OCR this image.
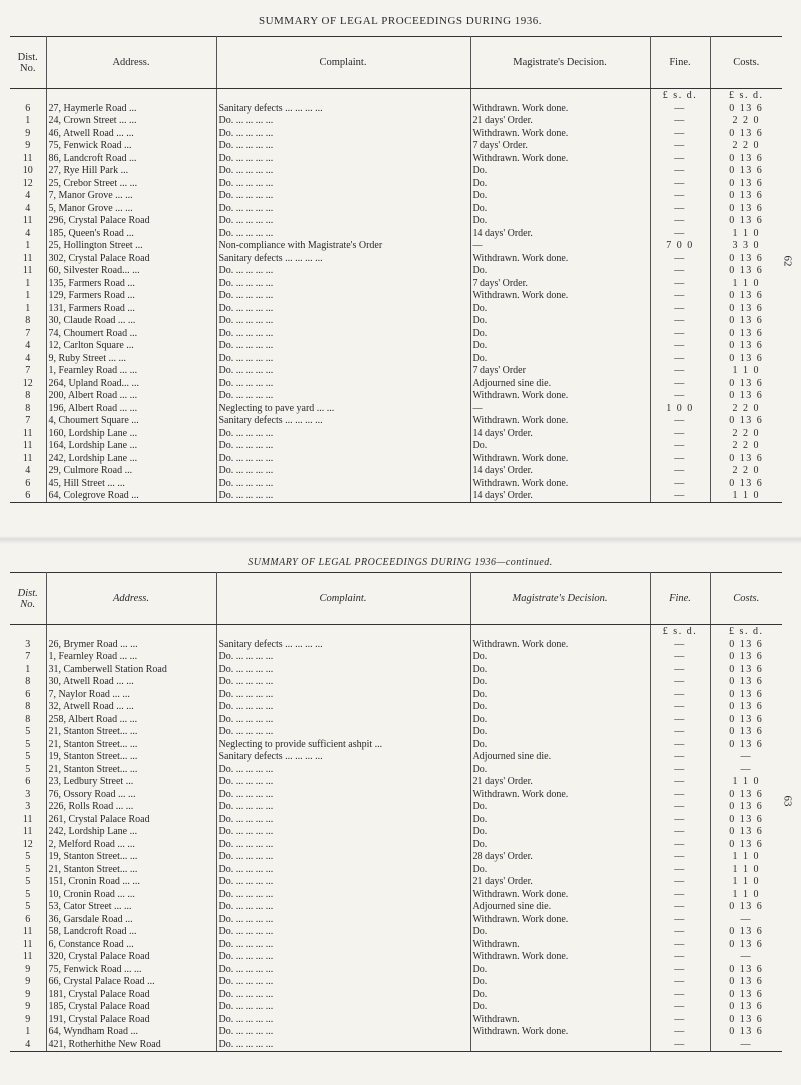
SUMMARY OF LEGAL PROCEEDINGS DURING 1936.
62
Dist. No.	Address.	Complaint.	Magistrate's Decision.	Fine.	Costs.
				£ s. d.	£ s. d.
6	27, Haymerle Road ...	Sanitary defects ... ... ... ...	Withdrawn. Work done.	—	0 13 6
1	24, Crown Street ... ...	Do. ... ... ... ...	21 days' Order.	—	2 2 0
9	46, Atwell Road ... ...	Do. ... ... ... ...	Withdrawn. Work done.	—	0 13 6
9	75, Fenwick Road ...	Do. ... ... ... ...	7 days' Order.	—	2 2 0
11	86, Landcroft Road ...	Do. ... ... ... ...	Withdrawn. Work done.	—	0 13 6
10	27, Rye Hill Park ...	Do. ... ... ... ...	Do.	—	0 13 6
12	25, Crebor Street ... ...	Do. ... ... ... ...	Do.	—	0 13 6
4	7, Manor Grove ... ...	Do. ... ... ... ...	Do.	—	0 13 6
4	5, Manor Grove ... ...	Do. ... ... ... ...	Do.	—	0 13 6
11	296, Crystal Palace Road	Do. ... ... ... ...	Do.	—	0 13 6
4	185, Queen's Road ...	Do. ... ... ... ...	14 days' Order.	—	1 1 0
1	25, Hollington Street ...	Non-compliance with Magistrate's Order	—	7 0 0	3 3 0
11	302, Crystal Palace Road	Sanitary defects ... ... ... ...	Withdrawn. Work done.	—	0 13 6
11	60, Silvester Road... ...	Do. ... ... ... ...	Do.	—	0 13 6
1	135, Farmers Road ...	Do. ... ... ... ...	7 days' Order.	—	1 1 0
1	129, Farmers Road ...	Do. ... ... ... ...	Withdrawn. Work done.	—	0 13 6
1	131, Farmers Road ...	Do. ... ... ... ...	Do.	—	0 13 6
8	30, Claude Road ... ...	Do. ... ... ... ...	Do.	—	0 13 6
7	74, Choumert Road ...	Do. ... ... ... ...	Do.	—	0 13 6
4	12, Carlton Square ...	Do. ... ... ... ...	Do.	—	0 13 6
4	9, Ruby Street ... ...	Do. ... ... ... ...	Do.	—	0 13 6
7	1, Fearnley Road ... ...	Do. ... ... ... ...	7 days' Order	—	1 1 0
12	264, Upland Road... ...	Do. ... ... ... ...	Adjourned sine die.	—	0 13 6
8	200, Albert Road ... ...	Do. ... ... ... ...	Withdrawn. Work done.	—	0 13 6
8	196, Albert Road ... ...	Neglecting to pave yard ... ...	—	1 0 0	2 2 0
7	4, Choumert Square ...	Sanitary defects ... ... ... ...	Withdrawn. Work done.	—	0 13 6
11	160, Lordship Lane ...	Do. ... ... ... ...	14 days' Order.	—	2 2 0
11	164, Lordship Lane ...	Do. ... ... ... ...	Do.	—	2 2 0
11	242, Lordship Lane ...	Do. ... ... ... ...	Withdrawn. Work done.	—	0 13 6
4	29, Culmore Road ...	Do. ... ... ... ...	14 days' Order.	—	2 2 0
6	45, Hill Street ... ...	Do. ... ... ... ...	Withdrawn. Work done.	—	0 13 6
6	64, Colegrove Road ...	Do. ... ... ... ...	14 days' Order.	—	1 1 0
SUMMARY OF LEGAL PROCEEDINGS DURING 1936—continued.
63
Dist. No.	Address.	Complaint.	Magistrate's Decision.	Fine.	Costs.
				£ s. d.	£ s. d.
3	26, Brymer Road ... ...	Sanitary defects ... ... ... ...	Withdrawn. Work done.	—	0 13 6
7	1, Fearnley Road ... ...	Do. ... ... ... ...	Do.	—	0 13 6
1	31, Camberwell Station Road	Do. ... ... ... ...	Do.	—	0 13 6
8	30, Atwell Road ... ...	Do. ... ... ... ...	Do.	—	0 13 6
6	7, Naylor Road ... ...	Do. ... ... ... ...	Do.	—	0 13 6
8	32, Atwell Road ... ...	Do. ... ... ... ...	Do.	—	0 13 6
8	258, Albert Road ... ...	Do. ... ... ... ...	Do.	—	0 13 6
5	21, Stanton Street... ...	Do. ... ... ... ...	Do.	—	0 13 6
5	21, Stanton Street... ...	Neglecting to provide sufficient ashpit ...	Do.	—	0 13 6
5	19, Stanton Street... ...	Sanitary defects ... ... ... ...	Adjourned sine die.	—	—
5	21, Stanton Street... ...	Do. ... ... ... ...	Do.	—	—
6	23, Ledbury Street ...	Do. ... ... ... ...	21 days' Order.	—	1 1 0
3	76, Ossory Road ... ...	Do. ... ... ... ...	Withdrawn. Work done.	—	0 13 6
3	226, Rolls Road ... ...	Do. ... ... ... ...	Do.	—	0 13 6
11	261, Crystal Palace Road	Do. ... ... ... ...	Do.	—	0 13 6
11	242, Lordship Lane ...	Do. ... ... ... ...	Do.	—	0 13 6
12	2, Melford Road ... ...	Do. ... ... ... ...	Do.	—	0 13 6
5	19, Stanton Street... ...	Do. ... ... ... ...	28 days' Order.	—	1 1 0
5	21, Stanton Street... ...	Do. ... ... ... ...	Do.	—	1 1 0
5	151, Cronin Road ... ...	Do. ... ... ... ...	21 days' Order.	—	1 1 0
5	10, Cronin Road ... ...	Do. ... ... ... ...	Withdrawn. Work done.	—	1 1 0
5	53, Cator Street ... ...	Do. ... ... ... ...	Adjourned sine die.	—	0 13 6
6	36, Garsdale Road ...	Do. ... ... ... ...	Withdrawn. Work done.	—	—
11	58, Landcroft Road ...	Do. ... ... ... ...	Do.	—	0 13 6
11	6, Constance Road ...	Do. ... ... ... ...	Withdrawn.	—	0 13 6
11	320, Crystal Palace Road	Do. ... ... ... ...	Withdrawn. Work done.	—	—
9	75, Fenwick Road ... ...	Do. ... ... ... ...	Do.	—	0 13 6
9	66, Crystal Palace Road ...	Do. ... ... ... ...	Do.	—	0 13 6
9	181, Crystal Palace Road	Do. ... ... ... ...	Do.	—	0 13 6
9	185, Crystal Palace Road	Do. ... ... ... ...	Do.	—	0 13 6
9	191, Crystal Palace Road	Do. ... ... ... ...	Withdrawn.	—	0 13 6
1	64, Wyndham Road ...	Do. ... ... ... ...	Withdrawn. Work done.	—	0 13 6
4	421, Rotherhithe New Road	Do. ... ... ... ...		—	—
